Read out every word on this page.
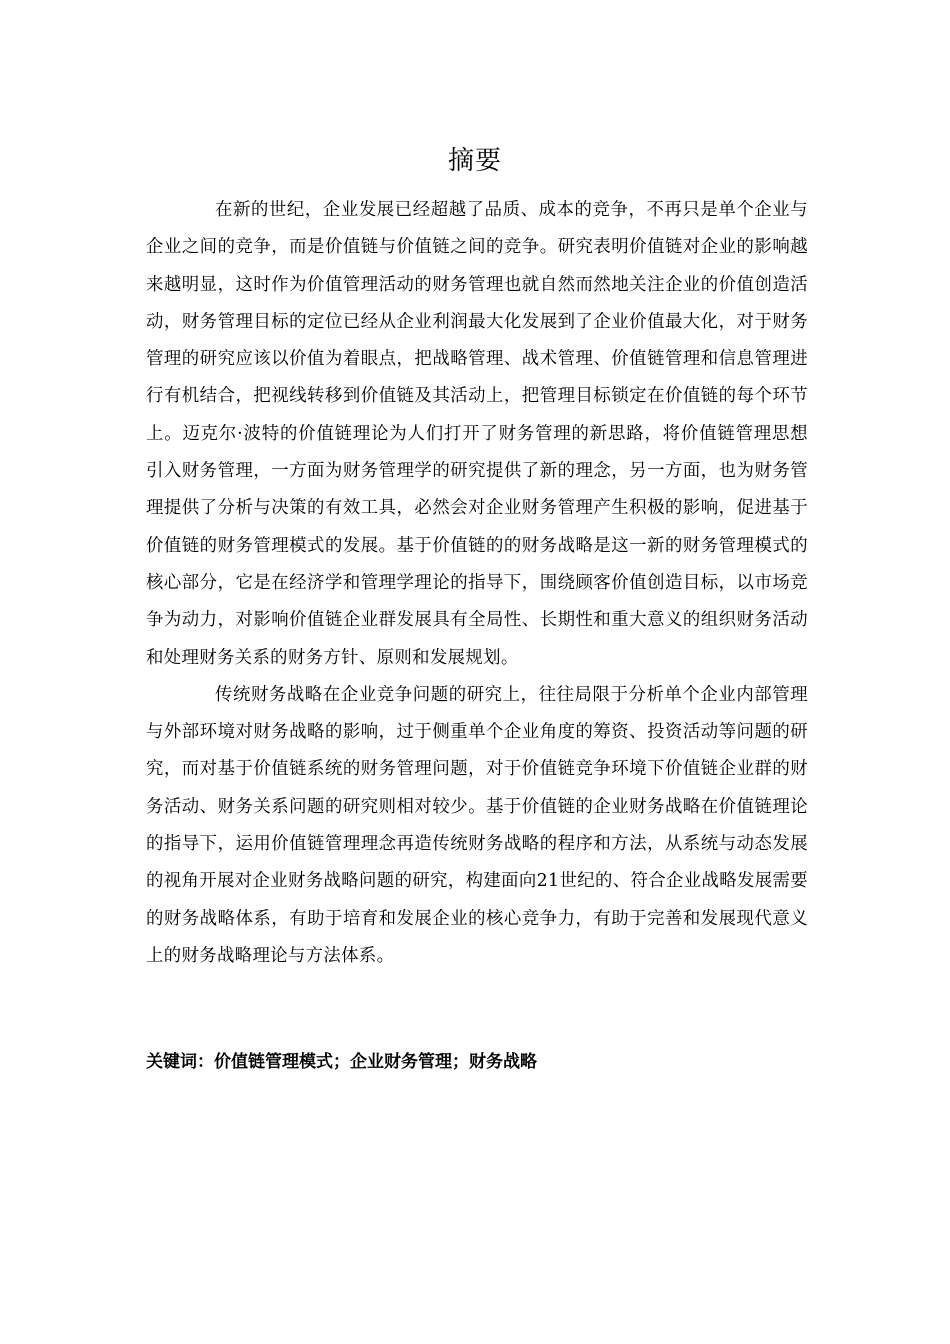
摘要

在新的世纪，企业发展已经超越了品质、成本的竞争，不再只是单个企业与企业之间的竞争，而是价值链与价值链之间的竞争。研究表明价值链对企业的影响越来越明显，这时作为价值管理活动的财务管理也就自然而然地关注企业的价值创造活动，财务管理目标的定位已经从企业利润最大化发展到了企业价值最大化，对于财务管理的研究应该以价值为着眼点，把战略管理、战术管理、价值链管理和信息管理进行有机结合，把视线转移到价值链及其活动上，把管理目标锁定在价值链的每个环节上。迈克尔·波特的价值链理论为人们打开了财务管理的新思路，将价值链管理思想引入财务管理，一方面为财务管理学的研究提供了新的理念，另一方面，也为财务管理提供了分析与决策的有效工具，必然会对企业财务管理产生积极的影响，促进基于价值链的财务管理模式的发展。基于价值链的的财务战略是这一新的财务管理模式的核心部分，它是在经济学和管理学理论的指导下，围绕顾客价值创造目标，以市场竞争为动力，对影响价值链企业群发展具有全局性、长期性和重大意义的组织财务活动和处理财务关系的财务方针、原则和发展规划。

传统财务战略在企业竞争问题的研究上，往往局限于分析单个企业内部管理与外部环境对财务战略的影响，过于侧重单个企业角度的筹资、投资活动等问题的研究，而对基于价值链系统的财务管理问题，对于价值链竞争环境下价值链企业群的财务活动、财务关系问题的研究则相对较少。基于价值链的企业财务战略在价值链理论的指导下，运用价值链管理理念再造传统财务战略的程序和方法，从系统与动态发展的视角开展对企业财务战略问题的研究，构建面向21世纪的、符合企业战略发展需要的财务战略体系，有助于培育和发展企业的核心竞争力，有助于完善和发展现代意义上的财务战略理论与方法体系。

关键词：价值链管理模式；企业财务管理；财务战略
